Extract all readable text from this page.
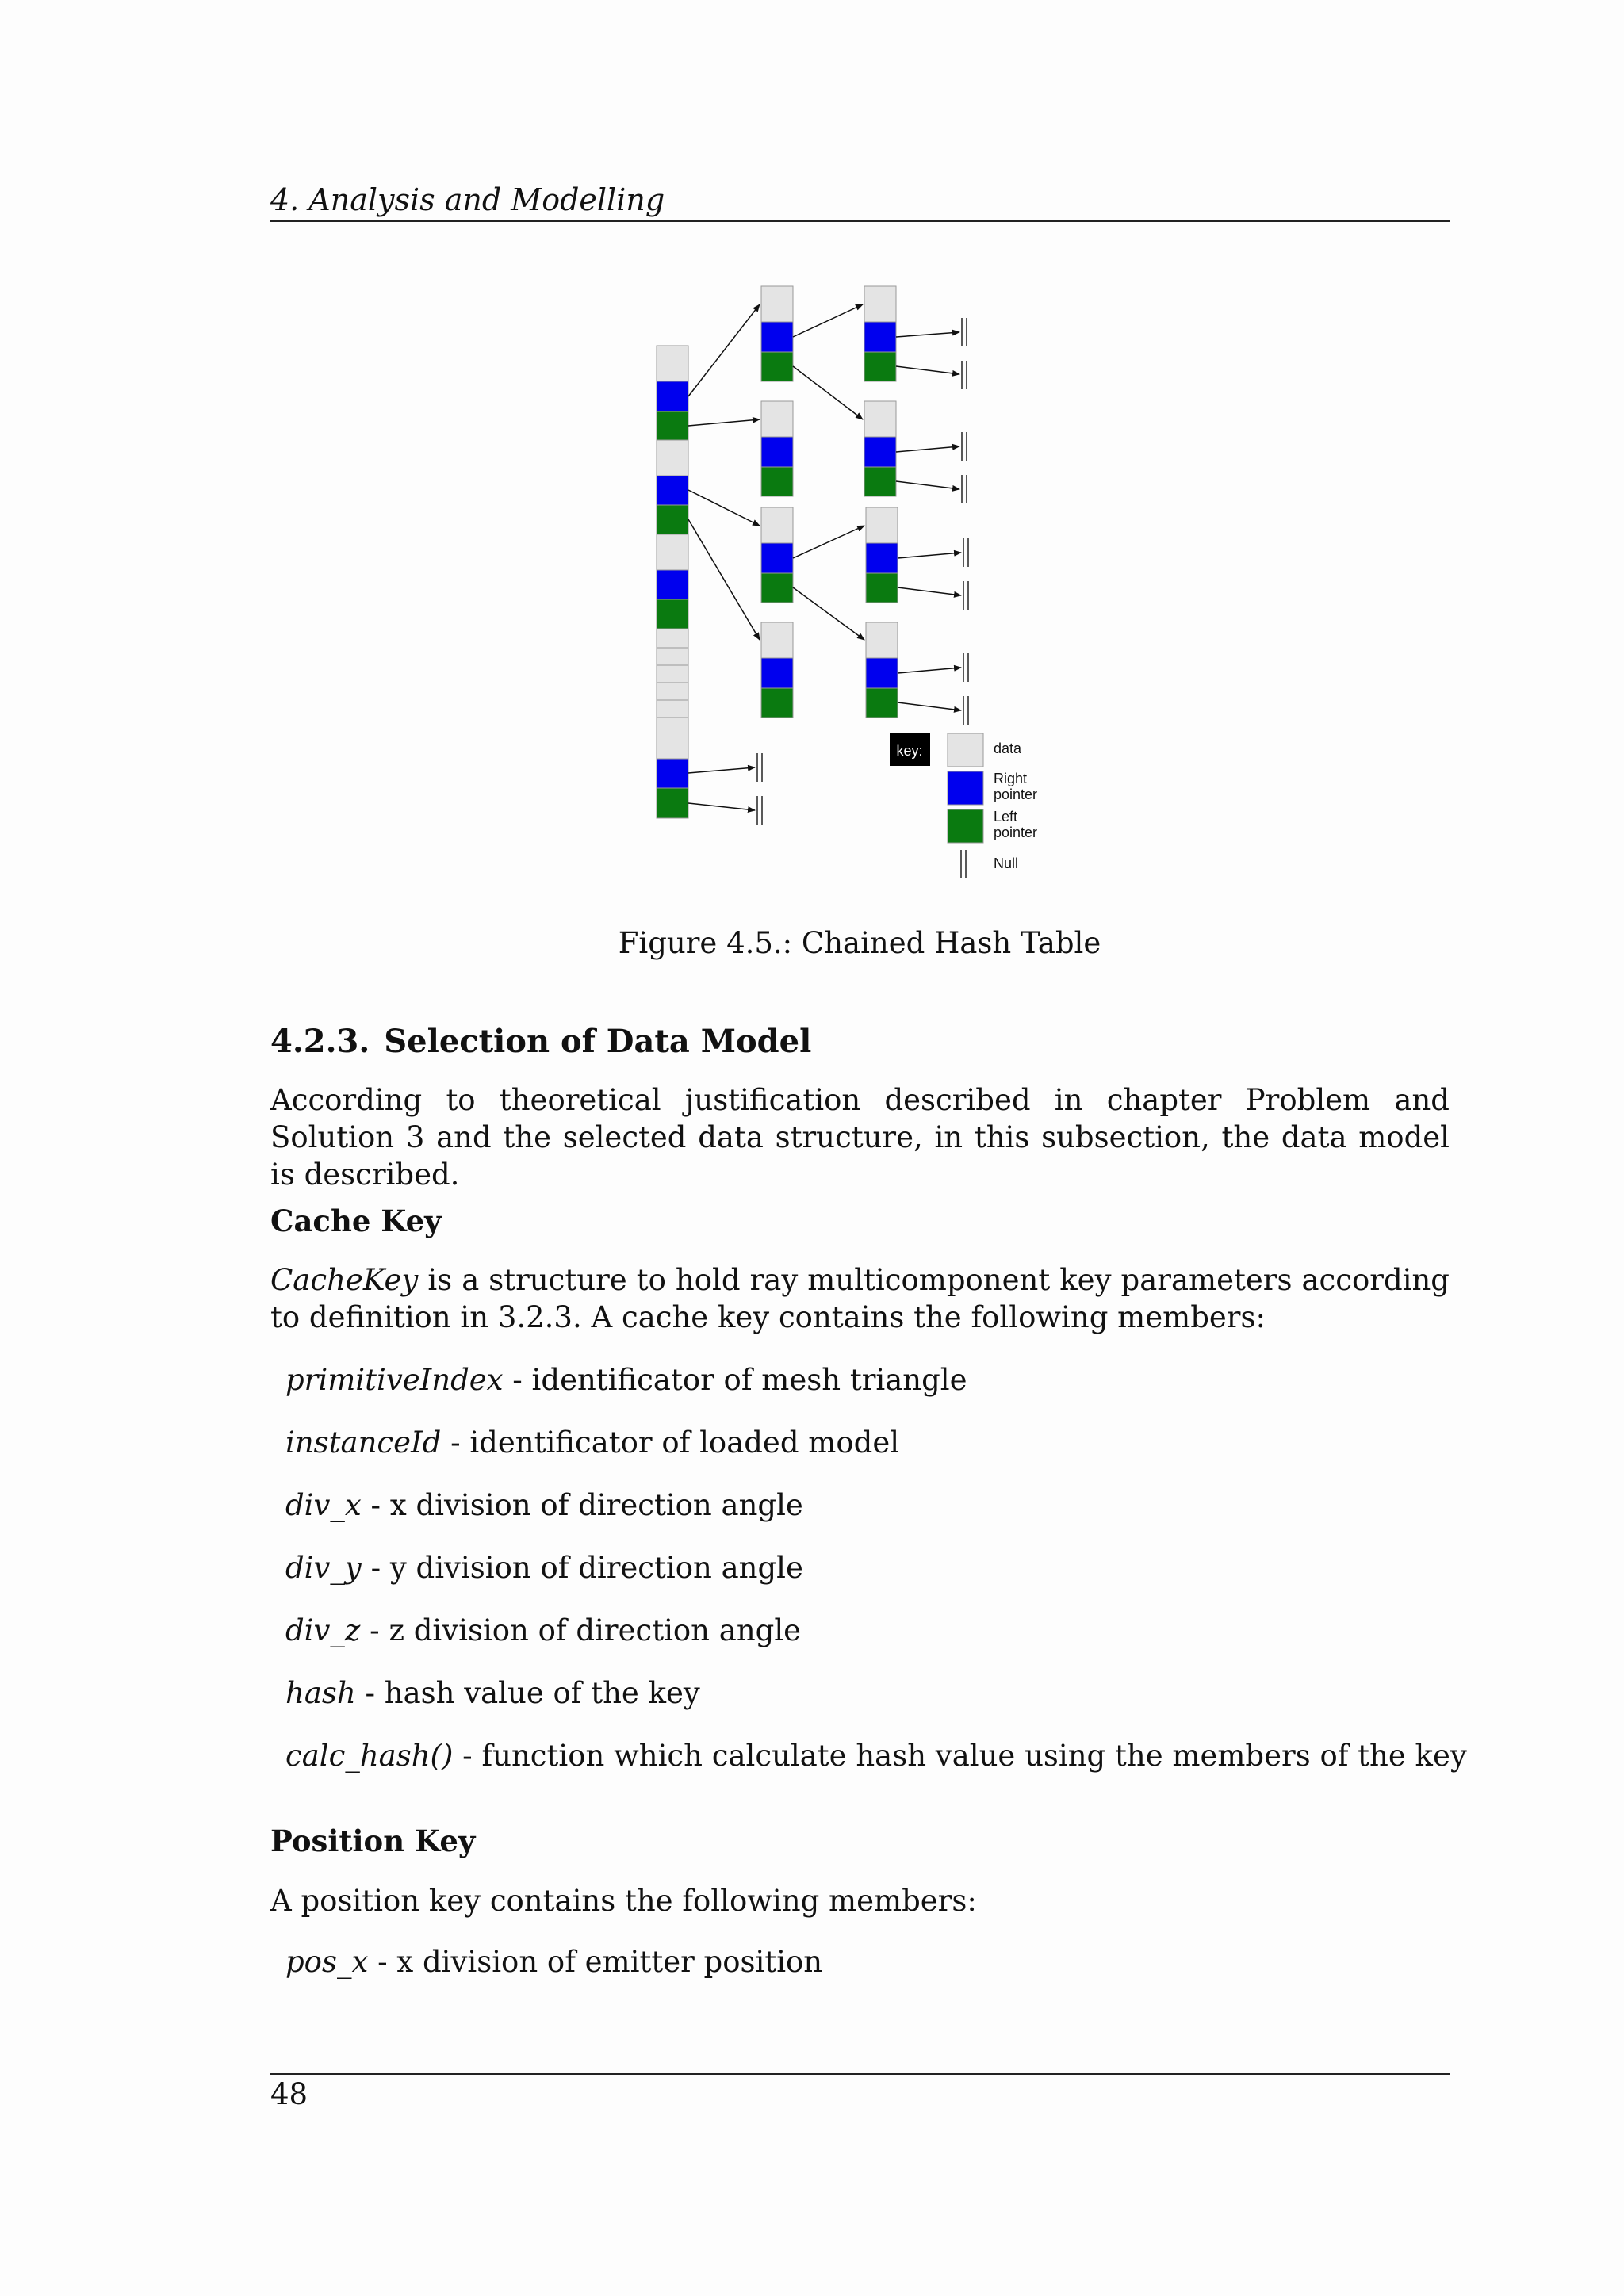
4. Analysis and Modelling
key:	data
Right
pointer
Left
pointer
Null
Figure 4.5.: Chained Hash Table
4.2.3. Selection of Data Model
According to theoretical justification described in chapter Problem and Solution 3 and the selected data structure, in this subsection, the data model is described.
Cache Key
CacheKey is a structure to hold ray multicomponent key parameters according to definition in 3.2.3. A cache key contains the following members:
primitiveIndex - identificator of mesh triangle
instanceId - identificator of loaded model
div_x - x division of direction angle
div_y - y division of direction angle
div_z - z division of direction angle
hash - hash value of the key
calc_hash() - function which calculate hash value using the members of the key
Position Key
A position key contains the following members:
pos_x - x division of emitter position
48
